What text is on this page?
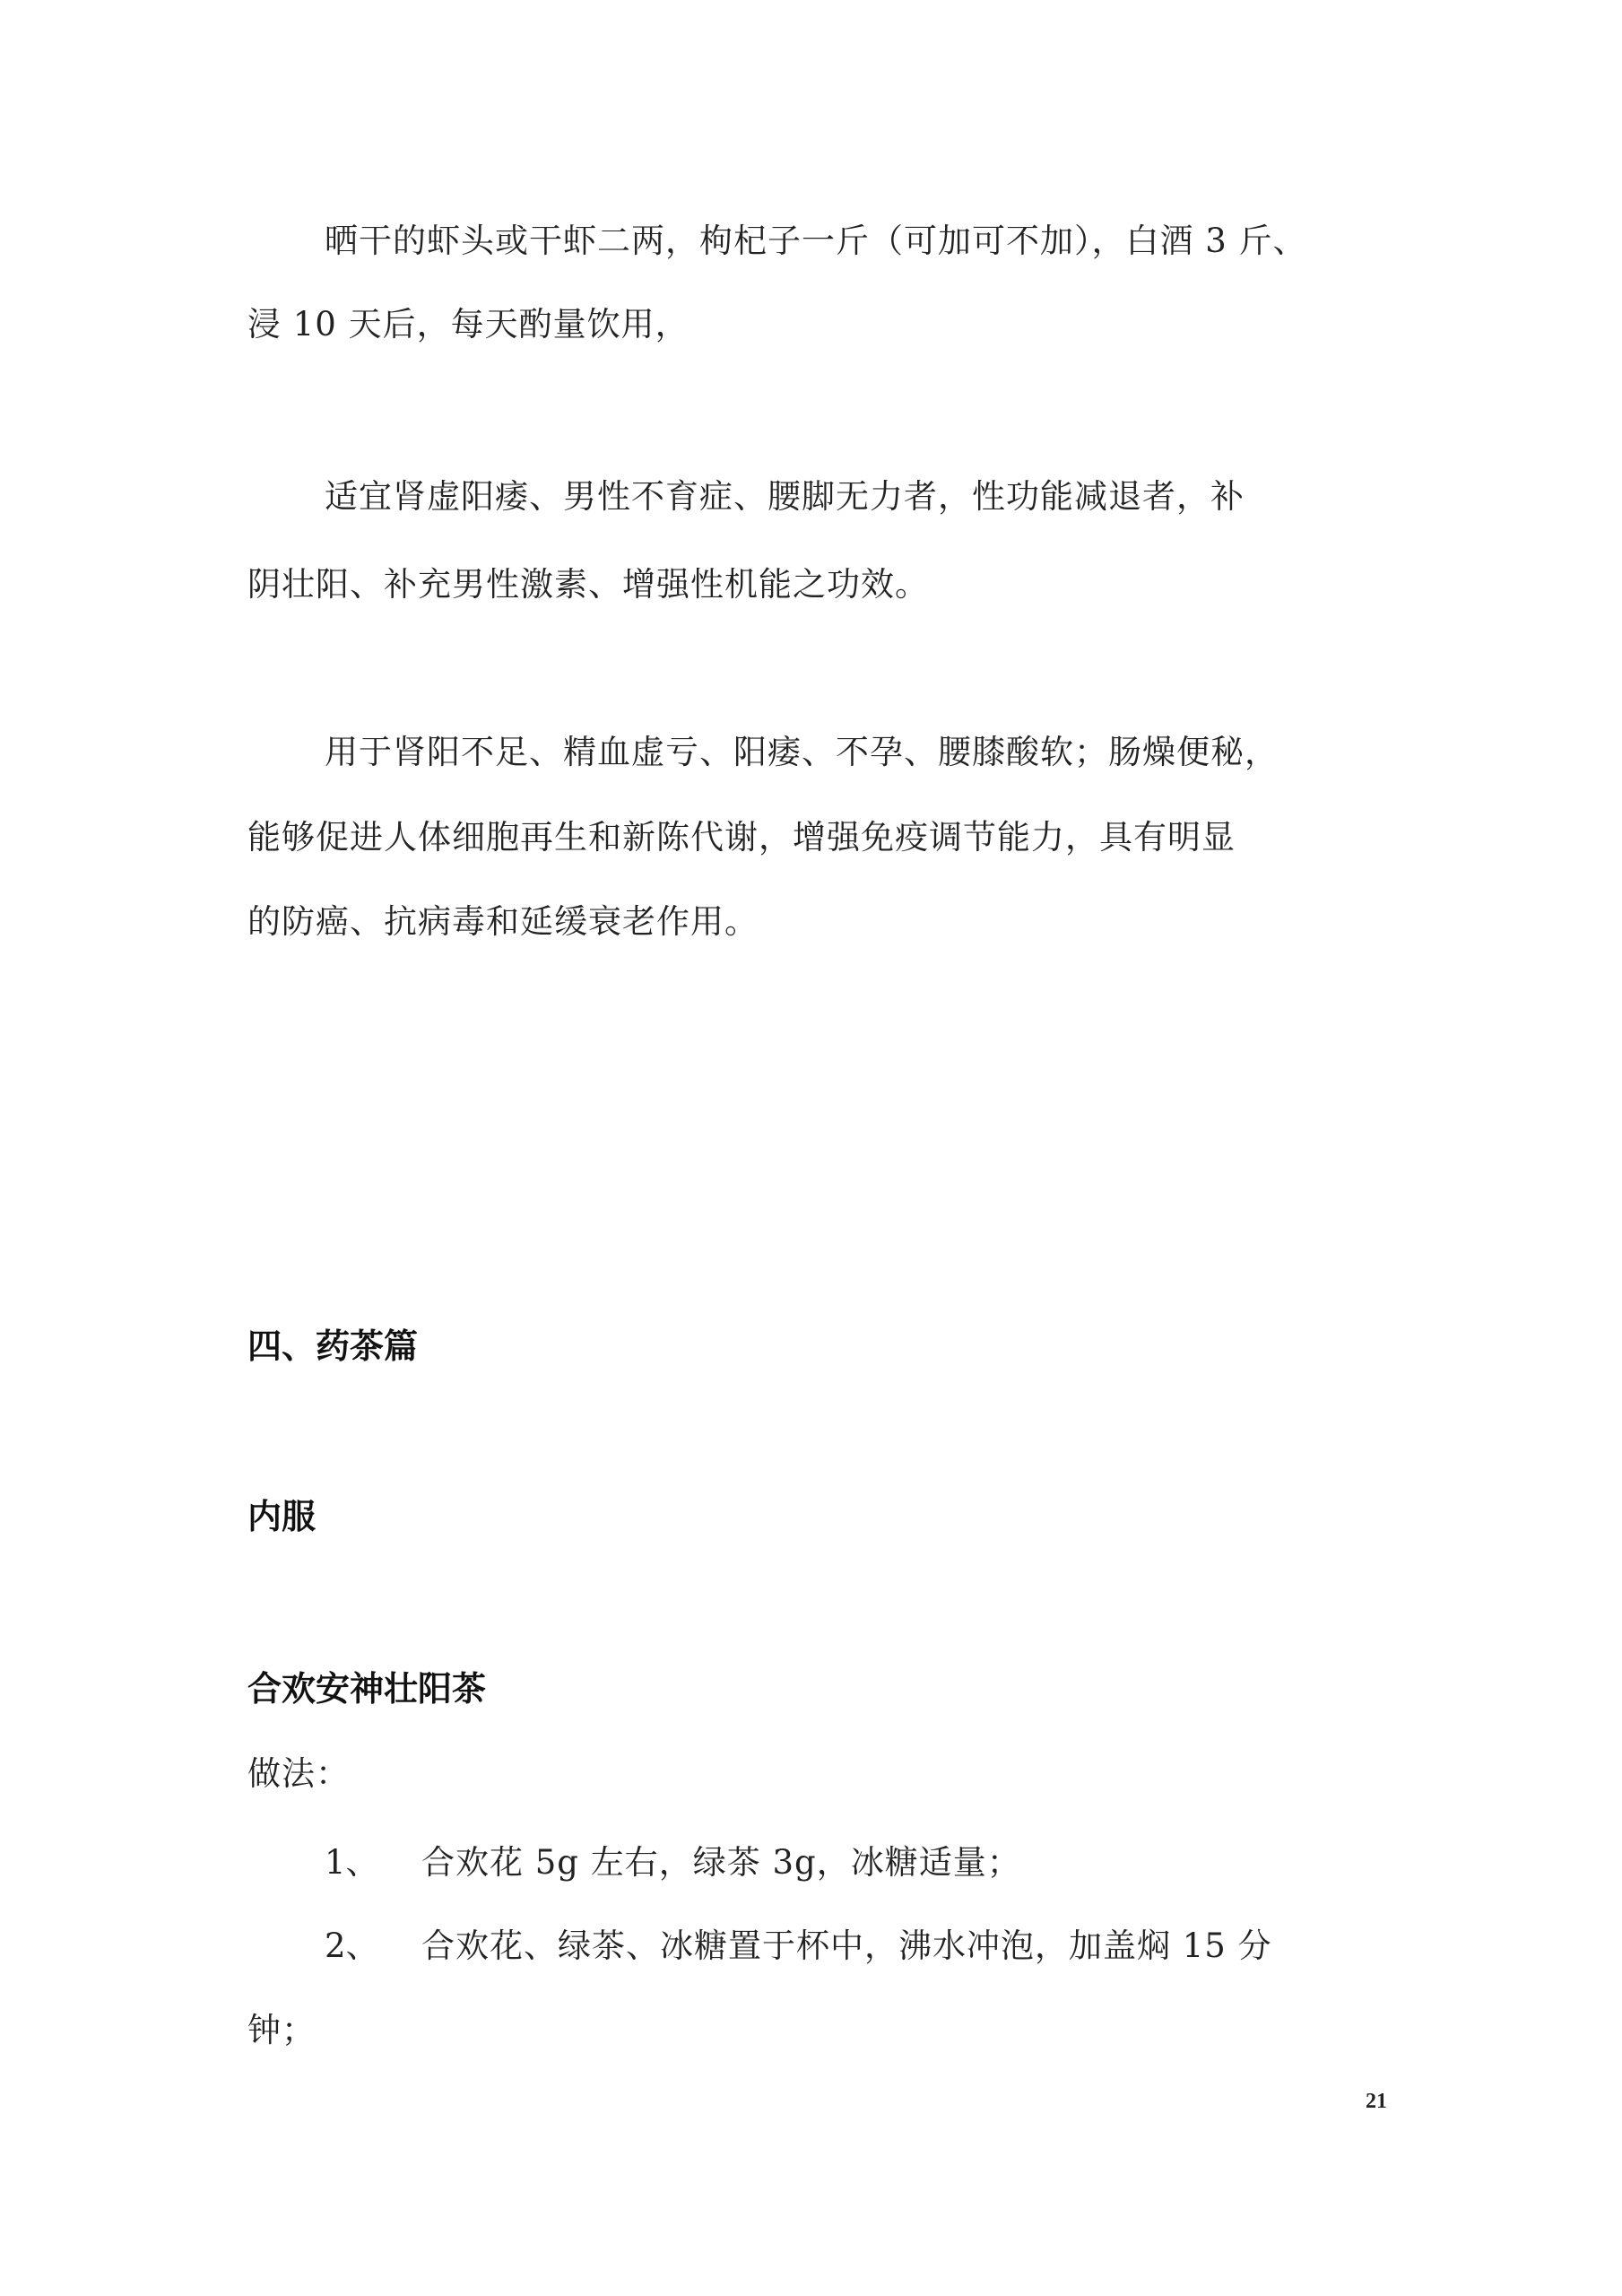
晒干的虾头或干虾二两，枸杞子一斤（可加可不加），白酒 3 斤、
浸 10 天后，每天酌量饮用，
适宜肾虚阳痿、男性不育症、腰脚无力者，性功能减退者，补
阴壮阳、补充男性激素、增强性机能之功效。
用于肾阳不足、精血虚亏、阳痿、不孕、腰膝酸软；肠燥便秘，
能够促进人体细胞再生和新陈代谢，增强免疫调节能力，具有明显
的防癌、抗病毒和延缓衰老作用。
四、药茶篇
内服
合欢安神壮阳茶
做法：
1、 合欢花 5g 左右，绿茶 3g，冰糖适量；
2、 合欢花、绿茶、冰糖置于杯中，沸水冲泡，加盖焖 15 分
钟；
21
